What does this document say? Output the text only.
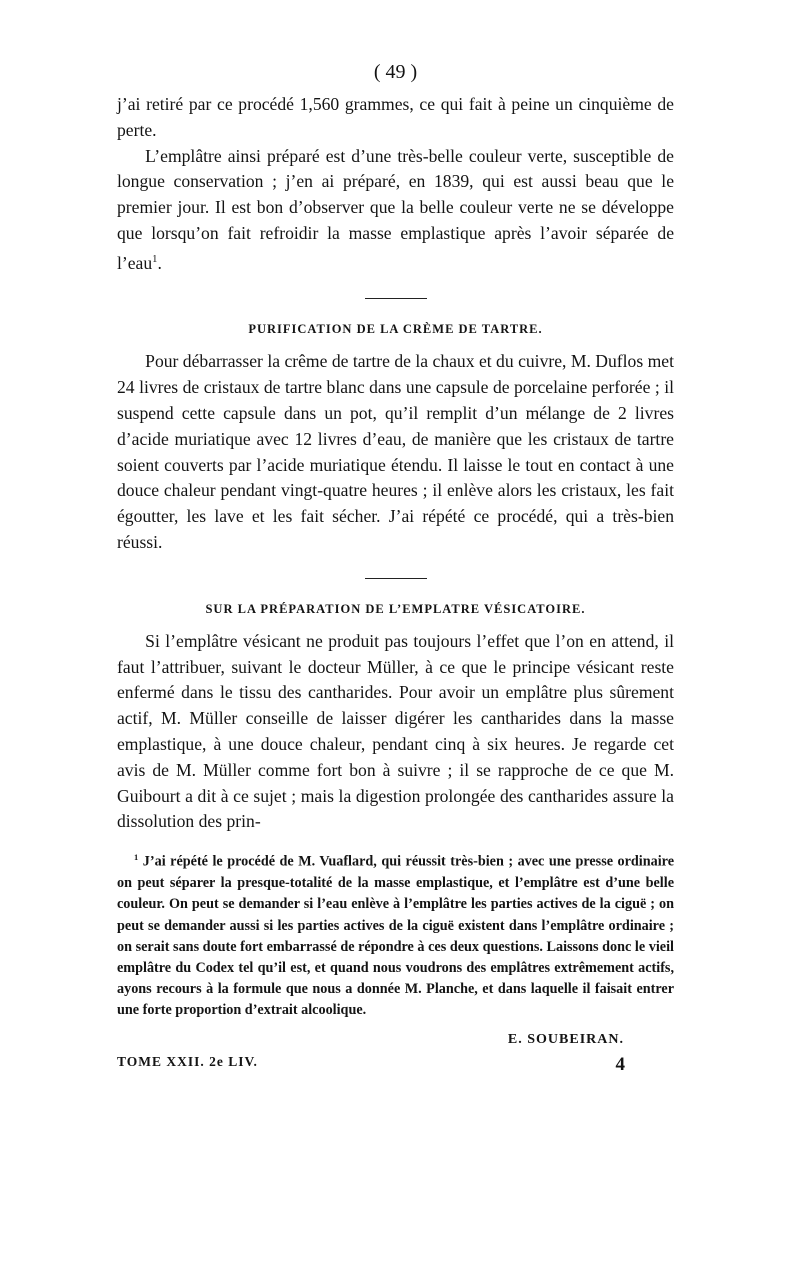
( 49 )

j’ai retiré par ce procédé 1,560 grammes, ce qui fait à peine un cinquième de perte.

L’emplâtre ainsi préparé est d’une très-belle couleur verte, susceptible de longue conservation ; j’en ai préparé, en 1839, qui est aussi beau que le premier jour. Il est bon d’observer que la belle couleur verte ne se développe que lorsqu’on fait refroidir la masse emplastique après l’avoir séparée de l’eau$^1$.

PURIFICATION DE LA CRÈME DE TARTRE.

Pour débarrasser la crême de tartre de la chaux et du cuivre, M. Duflos met 24 livres de cristaux de tartre blanc dans une capsule de porcelaine perforée ; il suspend cette capsule dans un pot, qu’il remplit d’un mélange de 2 livres d’acide muriatique avec 12 livres d’eau, de manière que les cristaux de tartre soient couverts par l’acide muriatique étendu. Il laisse le tout en contact à une douce chaleur pendant vingt-quatre heures ; il enlève alors les cristaux, les fait égoutter, les lave et les fait sécher. J’ai répété ce procédé, qui a très-bien réussi.

SUR LA PRÉPARATION DE L’EMPLATRE VÉSICATOIRE.

Si l’emplâtre vésicant ne produit pas toujours l’effet que l’on en attend, il faut l’attribuer, suivant le docteur Müller, à ce que le principe vésicant reste enfermé dans le tissu des cantharides. Pour avoir un emplâtre plus sûrement actif, M. Müller conseille de laisser digérer les cantharides dans la masse emplastique, à une douce chaleur, pendant cinq à six heures. Je regarde cet avis de M. Müller comme fort bon à suivre ; il se rapproche de ce que M. Guibourt a dit à ce sujet ; mais la digestion prolongée des cantharides assure la dissolution des prin-

$^1$ J’ai répété le procédé de M. Vuaflard, qui réussit très-bien ; avec une presse ordinaire on peut séparer la presque-totalité de la masse emplastique, et l’emplâtre est d’une belle couleur. On peut se demander si l’eau enlève à l’emplâtre les parties actives de la ciguë ; on peut se demander aussi si les parties actives de la ciguë existent dans l’emplâtre ordinaire ; on serait sans doute fort embarrassé de répondre à ces deux questions. Laissons donc le vieil emplâtre du Codex tel qu’il est, et quand nous voudrons des emplâtres extrêmement actifs, ayons recours à la formule que nous a donnée M. Planche, et dans laquelle il faisait entrer une forte proportion d’extrait alcoolique.

E. SOUBEIRAN.
TOME XXII. 2e LIV.	4
